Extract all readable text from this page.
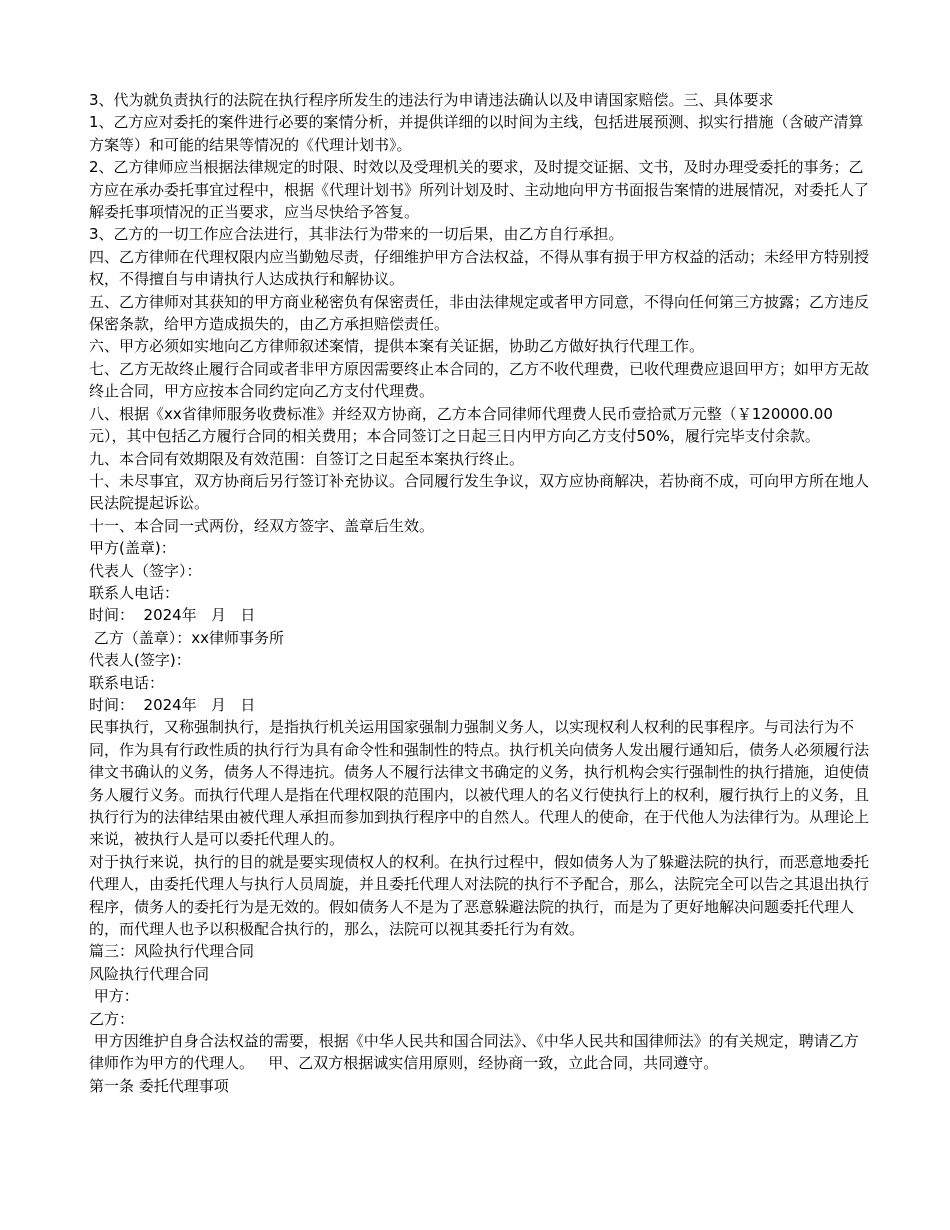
3、代为就负责执行的法院在执行程序所发生的违法行为申请违法确认以及申请国家赔偿。三、具体要求

1、乙方应对委托的案件进行必要的案情分析，并提供详细的以时间为主线，包括进展预测、拟实行措施（含破产清算方案等）和可能的结果等情况的《代理计划书》。

2、乙方律师应当根据法律规定的时限、时效以及受理机关的要求，及时提交证据、文书，及时办理受委托的事务；乙方应在承办委托事宜过程中，根据《代理计划书》所列计划及时、主动地向甲方书面报告案情的进展情况，对委托人了解委托事项情况的正当要求，应当尽快给予答复。

3、乙方的一切工作应合法进行，其非法行为带来的一切后果，由乙方自行承担。

四、乙方律师在代理权限内应当勤勉尽责，仔细维护甲方合法权益，不得从事有损于甲方权益的活动；未经甲方特别授权，不得擅自与申请执行人达成执行和解协议。

五、乙方律师对其获知的甲方商业秘密负有保密责任，非由法律规定或者甲方同意，不得向任何第三方披露；乙方违反保密条款，给甲方造成损失的，由乙方承担赔偿责任。

六、甲方必须如实地向乙方律师叙述案情，提供本案有关证据，协助乙方做好执行代理工作。

七、乙方无故终止履行合同或者非甲方原因需要终止本合同的，乙方不收代理费，已收代理费应退回甲方；如甲方无故终止合同，甲方应按本合同约定向乙方支付代理费。

八、根据《xx省律师服务收费标准》并经双方协商，乙方本合同律师代理费人民币壹拾贰万元整（￥120000.00元），其中包括乙方履行合同的相关费用；本合同签订之日起三日内甲方向乙方支付50%，履行完毕支付余款。

九、本合同有效期限及有效范围：自签订之日起至本案执行终止。

十、未尽事宜，双方协商后另行签订补充协议。合同履行发生争议，双方应协商解决，若协商不成，可向甲方所在地人民法院提起诉讼。

十一、本合同一式两份，经双方签字、盖章后生效。

甲方(盖章)：

代表人（签字）：

联系人电话：

时间：  2024年   月   日

乙方（盖章）：xx律师事务所

代表人(签字)：

联系电话：

时间：  2024年   月   日

民事执行，又称强制执行，是指执行机关运用国家强制力强制义务人，以实现权利人权利的民事程序。与司法行为不同，作为具有行政性质的执行行为具有命令性和强制性的特点。执行机关向债务人发出履行通知后，债务人必须履行法律文书确认的义务，债务人不得违抗。债务人不履行法律文书确定的义务，执行机构会实行强制性的执行措施，迫使债务人履行义务。而执行代理人是指在代理权限的范围内，以被代理人的名义行使执行上的权利，履行执行上的义务，且执行行为的法律结果由被代理人承担而参加到执行程序中的自然人。代理人的使命，在于代他人为法律行为。从理论上来说，被执行人是可以委托代理人的。

对于执行来说，执行的目的就是要实现债权人的权利。在执行过程中，假如债务人为了躲避法院的执行，而恶意地委托代理人，由委托代理人与执行人员周旋，并且委托代理人对法院的执行不予配合，那么，法院完全可以告之其退出执行程序，债务人的委托行为是无效的。假如债务人不是为了恶意躲避法院的执行，而是为了更好地解决问题委托代理人的，而代理人也予以积极配合执行的，那么，法院可以视其委托行为有效。

篇三：风险执行代理合同

风险执行代理合同

甲方：

乙方：

甲方因维护自身合法权益的需要，根据《中华人民共和国合同法》、《中华人民共和国律师法》的有关规定，聘请乙方律师作为甲方的代理人。   甲、乙双方根据诚实信用原则，经协商一致，立此合同，共同遵守。

第一条 委托代理事项
